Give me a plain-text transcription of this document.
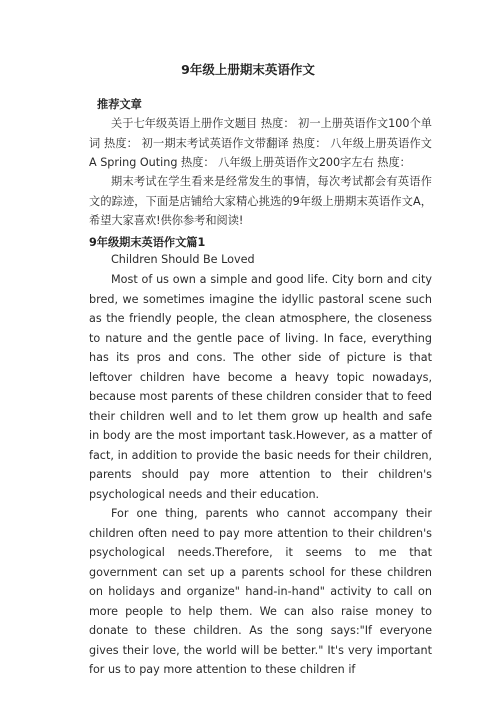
9年级上册期末英语作文
推荐文章
关于七年级英语上册作文题目 热度： 初一上册英语作文100个单词 热度： 初一期末考试英语作文带翻译 热度： 八年级上册英语作文A Spring Outing 热度： 八年级上册英语作文200字左右 热度：
期末考试在学生看来是经常发生的事情，每次考试都会有英语作文的踪迹，下面是店铺给大家精心挑选的9年级上册期末英语作文A，希望大家喜欢!供你参考和阅读!
9年级期末英语作文篇1
Children Should Be Loved
Most of us own a simple and good life. City born and city bred, we sometimes imagine the idyllic pastoral scene such as the friendly people, the clean atmosphere, the closeness to nature and the gentle pace of living. In face, everything has its pros and cons. The other side of picture is that leftover children have become a heavy topic nowadays, because most parents of these children consider that to feed their children well and to let them grow up health and safe in body are the most important task.However, as a matter of fact, in addition to provide the basic needs for their children, parents should pay more attention to their children's psychological needs and their education.
For one thing, parents who cannot accompany their children often need to pay more attention to their children's psychological needs.Therefore, it seems to me that government can set up a parents school for these children on holidays and organize" hand-in-hand" activity to call on more people to help them. We can also raise money to donate to these children. As the song says:"If everyone gives their love, the world will be better." It's very important for us to pay more attention to these children if
